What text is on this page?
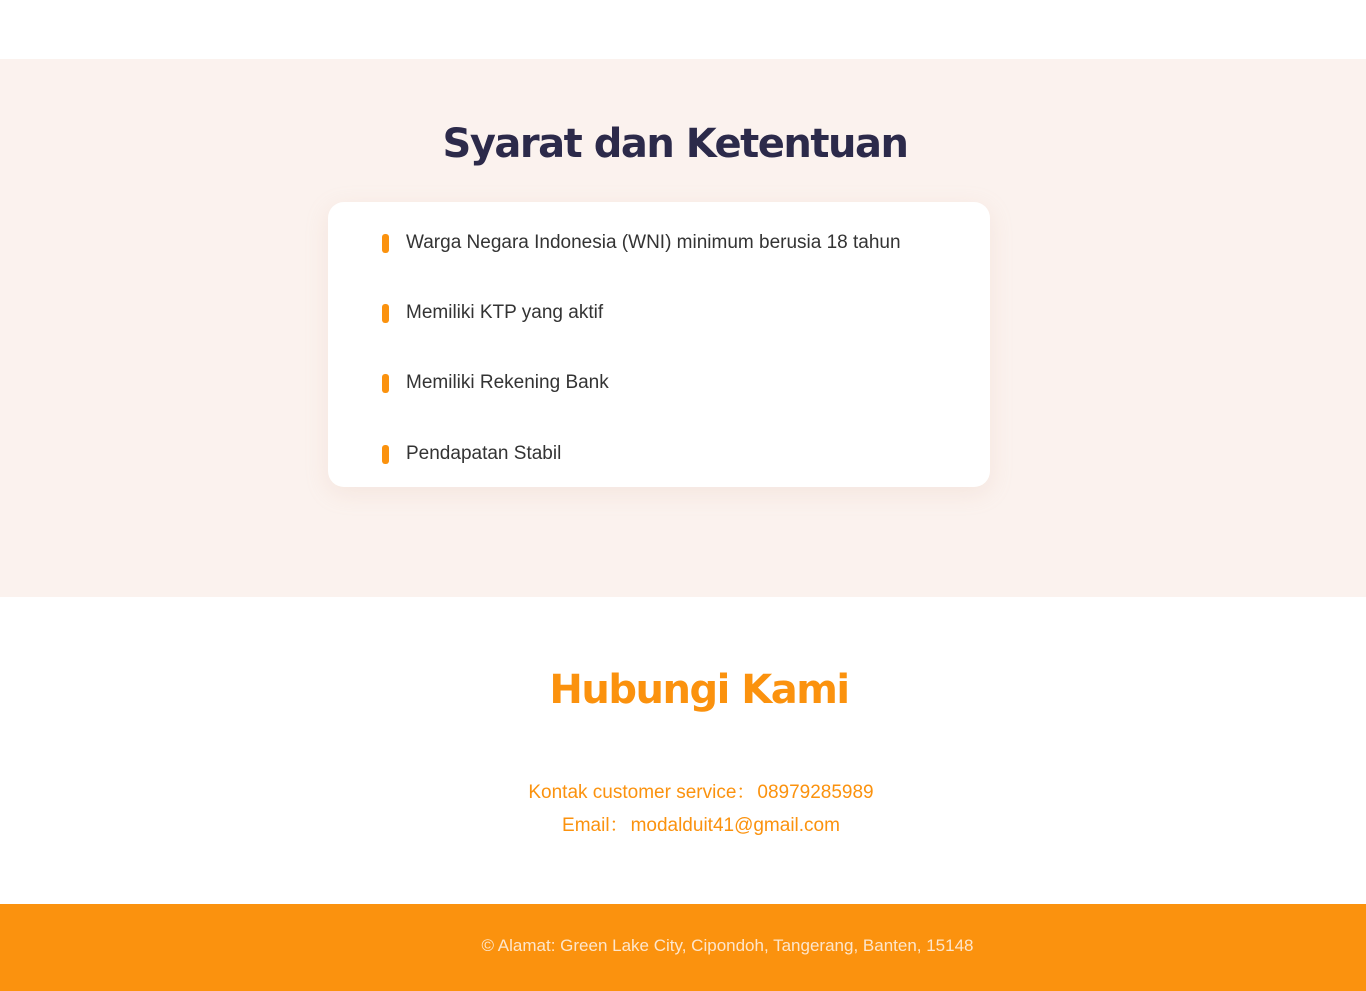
Syarat dan Ketentuan
Warga Negara Indonesia (WNI) minimum berusia 18 tahun
Memiliki KTP yang aktif
Memiliki Rekening Bank
Pendapatan Stabil
Hubungi Kami
Kontak customer service： 08979285989
Email： modalduit41@gmail.com
© Alamat: Green Lake City, Cipondoh, Tangerang, Banten, 15148
